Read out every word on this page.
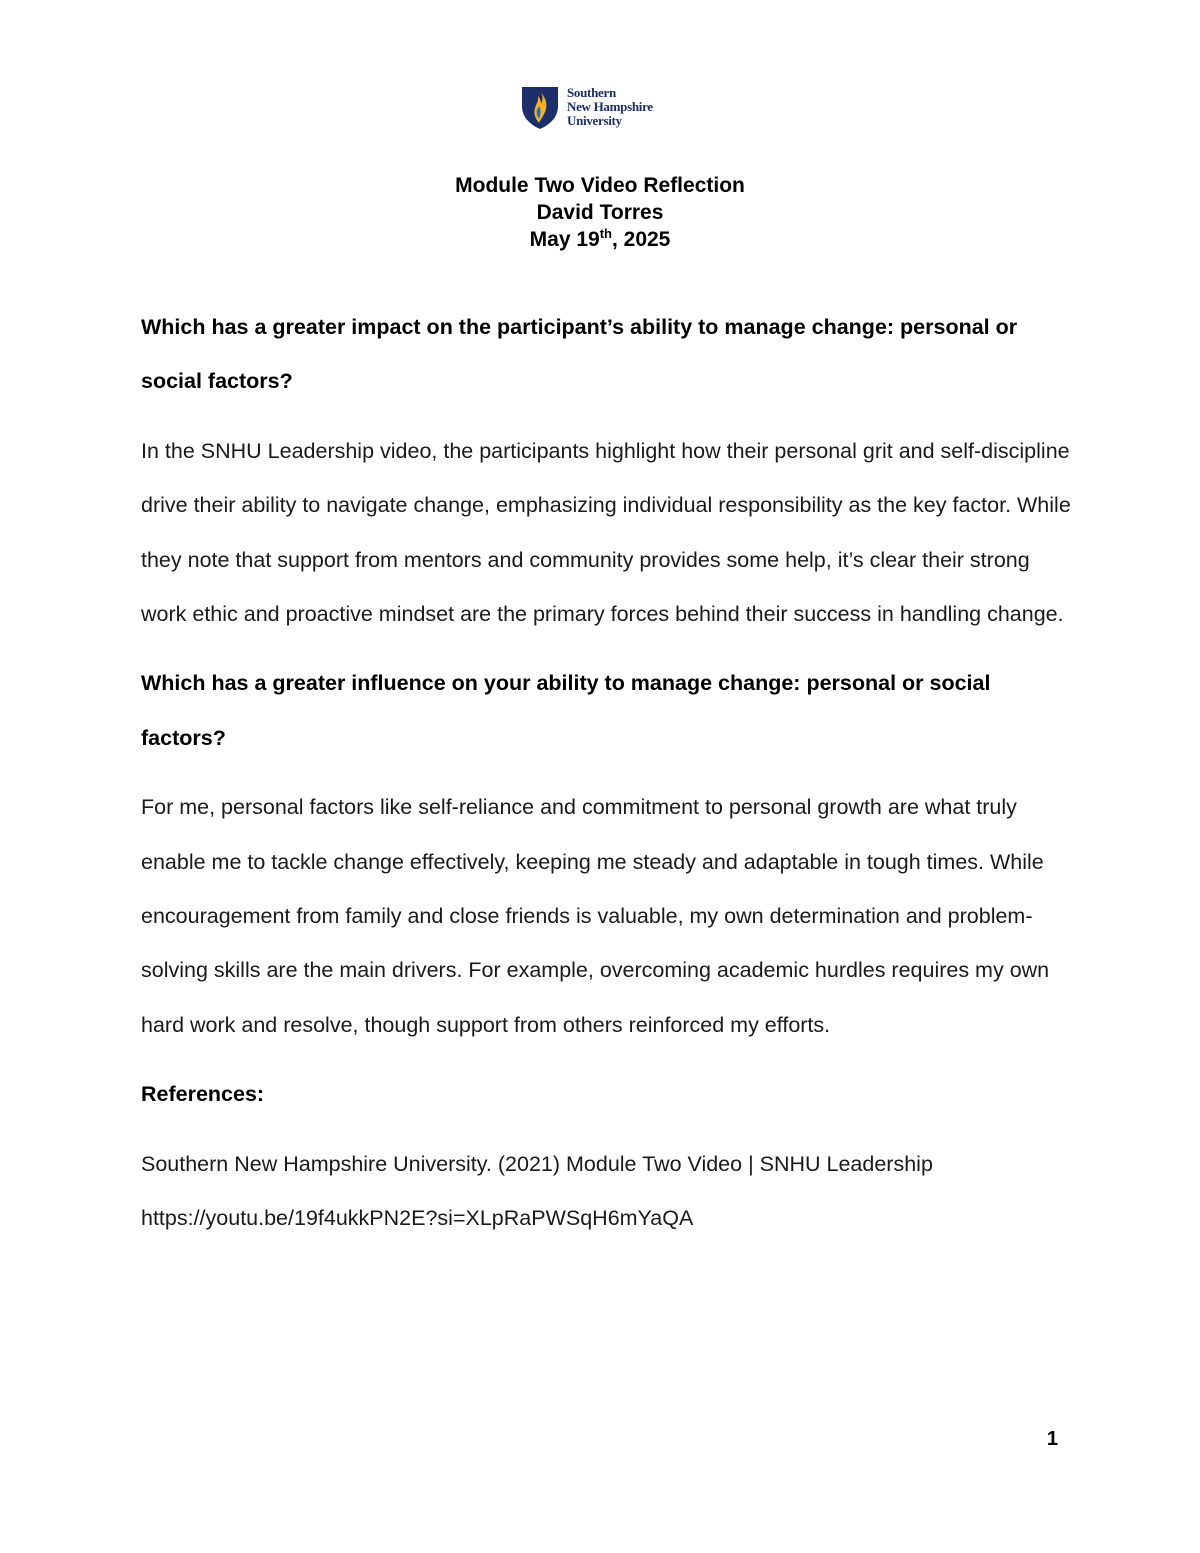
Southern
New Hampshire
University
Module Two Video Reflection
David Torres
May 19th, 2025

Which has a greater impact on the participant’s ability to manage change: personal or social factors?

In the SNHU Leadership video, the participants highlight how their personal grit and self-discipline drive their ability to navigate change, emphasizing individual responsibility as the key factor. While they note that support from mentors and community provides some help, it’s clear their strong work ethic and proactive mindset are the primary forces behind their success in handling change.

Which has a greater influence on your ability to manage change: personal or social factors?

For me, personal factors like self-reliance and commitment to personal growth are what truly enable me to tackle change effectively, keeping me steady and adaptable in tough times. While encouragement from family and close friends is valuable, my own determination and problem-solving skills are the main drivers. For example, overcoming academic hurdles requires my own hard work and resolve, though support from others reinforced my efforts.

References:

Southern New Hampshire University. (2021) Module Two Video | SNHU Leadership

https://youtu.be/19f4ukkPN2E?si=XLpRaPWSqH6mYaQA

1
